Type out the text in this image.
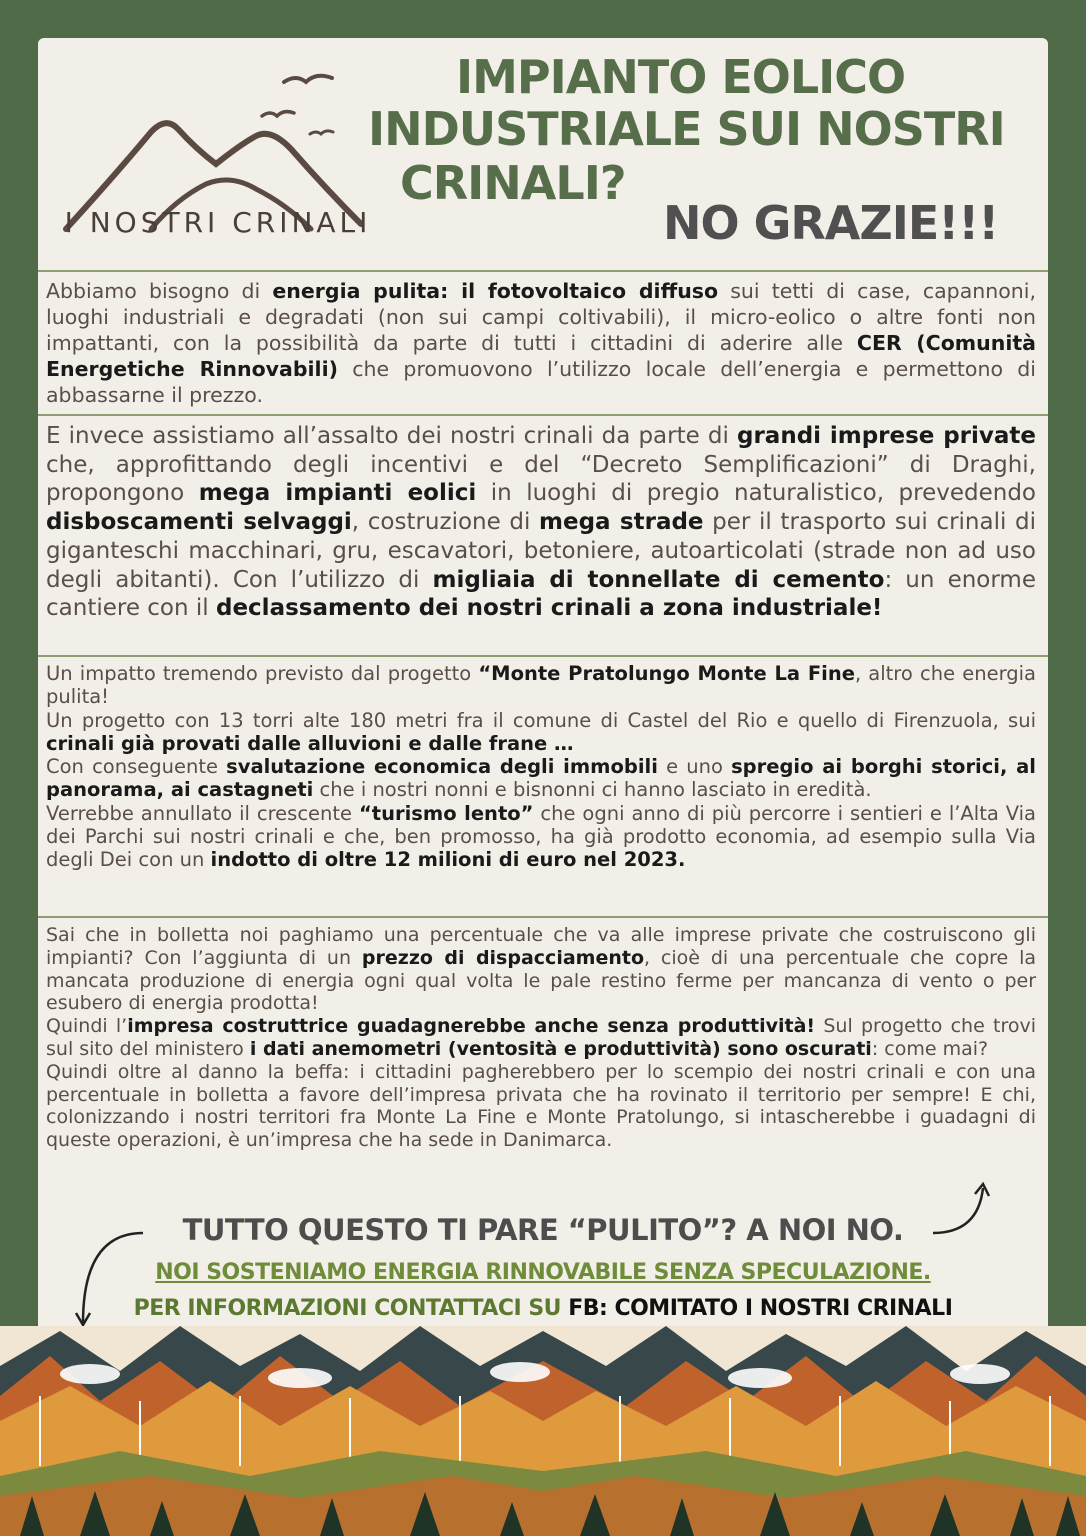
I NOSTRI CRINALI
IMPIANTO EOLICO
INDUSTRIALE SUI NOSTRI
CRINALI?
NO GRAZIE!!!

Abbiamo bisogno di energia pulita: il fotovoltaico diffuso sui tetti di case, capannoni, luoghi industriali e degradati (non sui campi coltivabili), il micro-eolico o altre fonti non impattanti, con la possibilità da parte di tutti i cittadini di aderire alle CER (Comunità Energetiche Rinnovabili) che promuovono l’utilizzo locale dell’energia e permettono di abbassarne il prezzo.

E invece assistiamo all’assalto dei nostri crinali da parte di grandi imprese private che, approfittando degli incentivi e del “Decreto Semplificazioni” di Draghi, propongono mega impianti eolici in luoghi di pregio naturalistico, prevedendo disboscamenti selvaggi, costruzione di mega strade per il trasporto sui crinali di giganteschi macchinari, gru, escavatori, betoniere, autoarticolati (strade non ad uso degli abitanti). Con l’utilizzo di migliaia di tonnellate di cemento: un enorme cantiere con il declassamento dei nostri crinali a zona industriale!

Un impatto tremendo previsto dal progetto “Monte Pratolungo Monte La Fine, altro che energia pulita!
Un progetto con 13 torri alte 180 metri fra il comune di Castel del Rio e quello di Firenzuola, sui crinali già provati dalle alluvioni e dalle frane …
Con conseguente svalutazione economica degli immobili e uno spregio ai borghi storici, al panorama, ai castagneti che i nostri nonni e bisnonni ci hanno lasciato in eredità.
Verrebbe annullato il crescente “turismo lento” che ogni anno di più percorre i sentieri e l’Alta Via dei Parchi sui nostri crinali e che, ben promosso, ha già prodotto economia, ad esempio sulla Via degli Dei con un indotto di oltre 12 milioni di euro nel 2023.
Sai che in bolletta noi paghiamo una percentuale che va alle imprese private che costruiscono gli impianti? Con l’aggiunta di un prezzo di dispacciamento, cioè di una percentuale che copre la mancata produzione di energia ogni qual volta le pale restino ferme per mancanza di vento o per esubero di energia prodotta!
Quindi l’impresa costruttrice guadagnerebbe anche senza produttività! Sul progetto che trovi sul sito del ministero i dati anemometri (ventosità e produttività) sono oscurati: come mai?
Quindi oltre al danno la beffa: i cittadini pagherebbero per lo scempio dei nostri crinali e con una percentuale in bolletta a favore dell’impresa privata che ha rovinato il territorio per sempre! E chi, colonizzando i nostri territori fra Monte La Fine e Monte Pratolungo, si intascherebbe i guadagni di queste operazioni, è un’impresa che ha sede in Danimarca.
TUTTO QUESTO TI PARE “PULITO”? A NOI NO.
NOI SOSTENIAMO ENERGIA RINNOVABILE SENZA SPECULAZIONE.
PER INFORMAZIONI CONTATTACI SU FB: COMITATO I NOSTRI CRINALI
